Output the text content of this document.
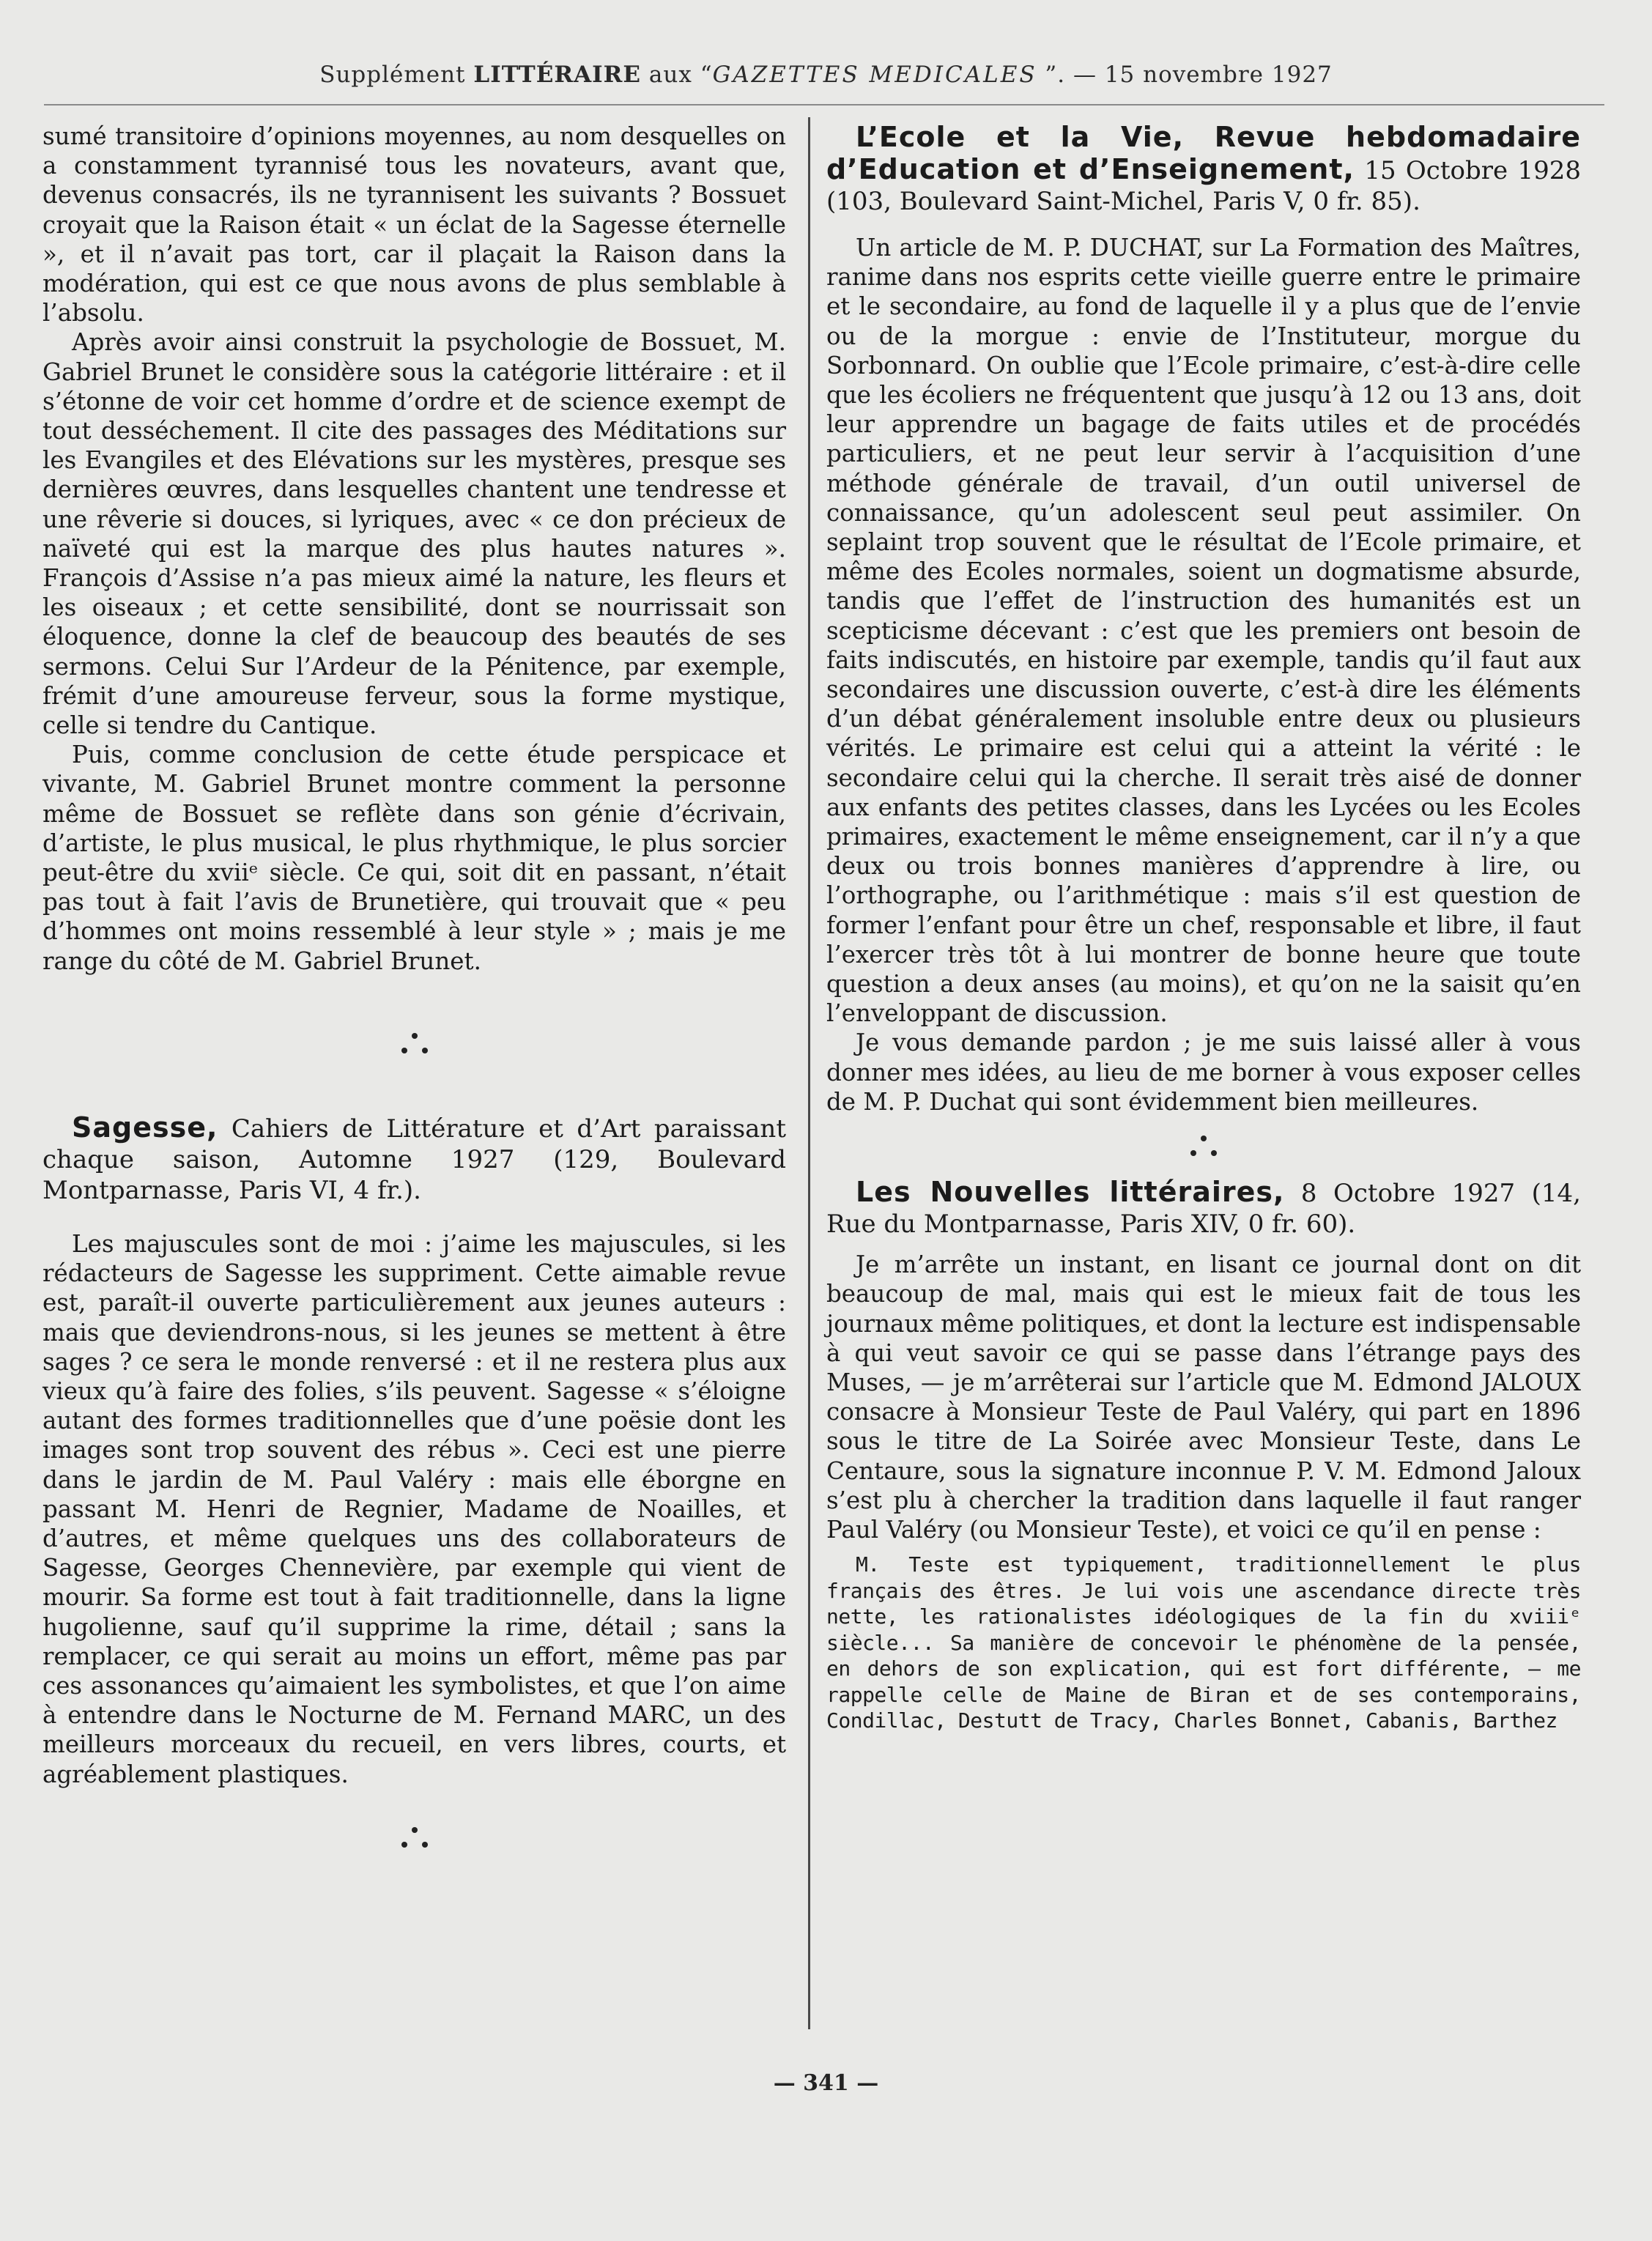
Supplément LITTÉRAIRE aux “GAZETTES MEDICALES ”. — 15 novembre 1927

sumé transitoire d’opinions moyennes, au nom desquelles on a constamment tyrannisé tous les novateurs, avant que, devenus consacrés, ils ne tyrannisent les suivants ? Bossuet croyait que la Raison était « un éclat de la Sagesse éternelle », et il n’avait pas tort, car il plaçait la Raison dans la modération, qui est ce que nous avons de plus semblable à l’absolu.

Après avoir ainsi construit la psychologie de Bossuet, M. Gabriel Brunet le considère sous la catégorie littéraire : et il s’étonne de voir cet homme d’ordre et de science exempt de tout desséchement. Il cite des passages des Méditations sur les Evangiles et des Elévations sur les mystères, presque ses dernières œuvres, dans lesquelles chantent une tendresse et une rêverie si douces, si lyriques, avec « ce don précieux de naïveté qui est la marque des plus hautes natures ». François d’Assise n’a pas mieux aimé la nature, les fleurs et les oiseaux ; et cette sensibilité, dont se nourrissait son éloquence, donne la clef de beaucoup des beautés de ses sermons. Celui Sur l’Ardeur de la Pénitence, par exemple, frémit d’une amoureuse ferveur, sous la forme mystique, celle si tendre du Cantique.

Puis, comme conclusion de cette étude perspicace et vivante, M. Gabriel Brunet montre comment la personne même de Bossuet se reflète dans son génie d’écrivain, d’artiste, le plus musical, le plus rhythmique, le plus sorcier peut-être du xviiᵉ siècle. Ce qui, soit dit en passant, n’était pas tout à fait l’avis de Brunetière, qui trouvait que « peu d’hommes ont moins ressemblé à leur style » ; mais je me range du côté de M. Gabriel Brunet.

Sagesse, Cahiers de Littérature et d’Art paraissant chaque saison, Automne 1927 (129, Boulevard Montparnasse, Paris VI, 4 fr.).

Les majuscules sont de moi : j’aime les majuscules, si les rédacteurs de Sagesse les suppriment. Cette aimable revue est, paraît-il ouverte particulièrement aux jeunes auteurs : mais que deviendrons-nous, si les jeunes se mettent à être sages ? ce sera le monde renversé : et il ne restera plus aux vieux qu’à faire des folies, s’ils peuvent. Sagesse « s’éloigne autant des formes traditionnelles que d’une poësie dont les images sont trop souvent des rébus ». Ceci est une pierre dans le jardin de M. Paul Valéry : mais elle éborgne en passant M. Henri de Regnier, Madame de Noailles, et d’autres, et même quelques uns des collaborateurs de Sagesse, Georges Chennevière, par exemple qui vient de mourir. Sa forme est tout à fait traditionnelle, dans la ligne hugolienne, sauf qu’il supprime la rime, détail ; sans la remplacer, ce qui serait au moins un effort, même pas par ces assonances qu’aimaient les symbolistes, et que l’on aime à entendre dans le Nocturne de M. Fernand MARC, un des meilleurs morceaux du recueil, en vers libres, courts, et agréablement plastiques.

L’Ecole et la Vie, Revue hebdomadaire d’Education et d’Enseignement, 15 Octobre 1928 (103, Boulevard Saint-Michel, Paris V, 0 fr. 85).

Un article de M. P. DUCHAT, sur La Formation des Maîtres, ranime dans nos esprits cette vieille guerre entre le primaire et le secondaire, au fond de laquelle il y a plus que de l’envie ou de la morgue : envie de l’Instituteur, morgue du Sorbonnard. On oublie que l’Ecole primaire, c’est-à-dire celle que les écoliers ne fréquentent que jusqu’à 12 ou 13 ans, doit leur apprendre un bagage de faits utiles et de procédés particuliers, et ne peut leur servir à l’acquisition d’une méthode générale de travail, d’un outil universel de connaissance, qu’un adolescent seul peut assimiler. On seplaint trop souvent que le résultat de l’Ecole primaire, et même des Ecoles normales, soient un dogmatisme absurde, tandis que l’effet de l’instruction des humanités est un scepticisme décevant : c’est que les premiers ont besoin de faits indiscutés, en histoire par exemple, tandis qu’il faut aux secondaires une discussion ouverte, c’est-à dire les éléments d’un débat généralement insoluble entre deux ou plusieurs vérités. Le primaire est celui qui a atteint la vérité : le secondaire celui qui la cherche. Il serait très aisé de donner aux enfants des petites classes, dans les Lycées ou les Ecoles primaires, exactement le même enseignement, car il n’y a que deux ou trois bonnes manières d’apprendre à lire, ou l’orthographe, ou l’arithmétique : mais s’il est question de former l’enfant pour être un chef, responsable et libre, il faut l’exercer très tôt à lui montrer de bonne heure que toute question a deux anses (au moins), et qu’on ne la saisit qu’en l’enveloppant de discussion.

Je vous demande pardon ; je me suis laissé aller à vous donner mes idées, au lieu de me borner à vous exposer celles de M. P. Duchat qui sont évidemment bien meilleures.

Les Nouvelles littéraires, 8 Octobre 1927 (14, Rue du Montparnasse, Paris XIV, 0 fr. 60).

Je m’arrête un instant, en lisant ce journal dont on dit beaucoup de mal, mais qui est le mieux fait de tous les journaux même politiques, et dont la lecture est indispensable à qui veut savoir ce qui se passe dans l’étrange pays des Muses, — je m’arrêterai sur l’article que M. Edmond JALOUX consacre à Monsieur Teste de Paul Valéry, qui part en 1896 sous le titre de La Soirée avec Monsieur Teste, dans Le Centaure, sous la signature inconnue P. V. M. Edmond Jaloux s’est plu à chercher la tradition dans laquelle il faut ranger Paul Valéry (ou Monsieur Teste), et voici ce qu’il en pense :

M. Teste est typiquement, traditionnellement le plus français des êtres. Je lui vois une ascendance directe très nette, les rationalistes idéologiques de la fin du xviiiᵉ siècle... Sa manière de concevoir le phénomène de la pensée, en dehors de son explication, qui est fort différente, — me rappelle celle de Maine de Biran et de ses contemporains, Condillac, Destutt de Tracy, Charles Bonnet, Cabanis, Barthez

— 341 —
